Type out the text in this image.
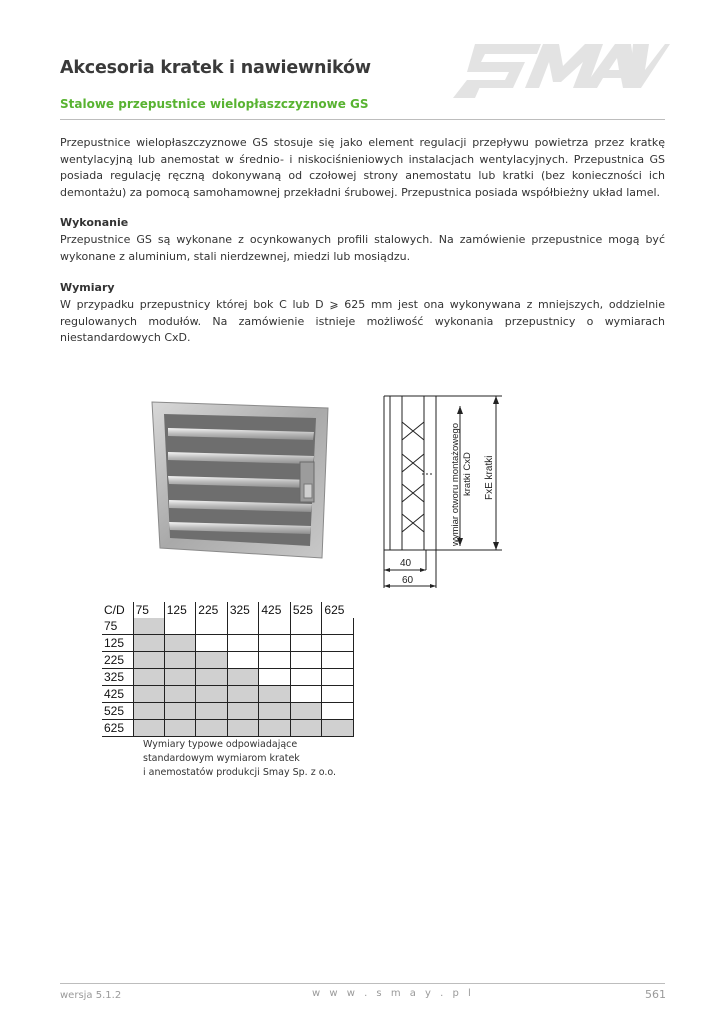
Akcesoria kratek i nawiewników
Stalowe przepustnice wielopłaszczyznowe GS
Przepustnice wielopłaszczyznowe GS stosuje się jako element regulacji przepływu powietrza przez kratkę
wentylacyjną lub anemostat w średnio- i niskociśnieniowych instalacjach wentylacyjnych. Przepustnica GS
posiada regulację ręczną dokonywaną od czołowej strony anemostatu lub kratki (bez konieczności ich
demontażu) za pomocą samohamownej przekładni śrubowej. Przepustnica posiada współbieżny układ lamel.
Wykonanie
Przepustnice GS są wykonane z ocynkowanych profili stalowych. Na zamówienie przepustnice mogą być
wykonane z aluminium, stali nierdzewnej, miedzi lub mosiądzu.
Wymiary
W przypadku przepustnicy której bok C lub D ⩾ 625 mm jest ona wykonywana z mniejszych, oddzielnie
regulowanych modułów. Na zamówienie istnieje możliwość wykonania przepustnicy o wymiarach
niestandardowych CxD.
wymiar otworu montażowego kratki CxD FxE kratki
40
60
C/D	75	125	225	325	425	525	625
75							
125							
225							
325							
425							
525							
625							
Wymiary typowe odpowiadające
standardowym wymiarom kratek
i anemostatów produkcji Smay Sp. z o.o.
wersja 5.1.2	w w w . s m a y . p l	561
